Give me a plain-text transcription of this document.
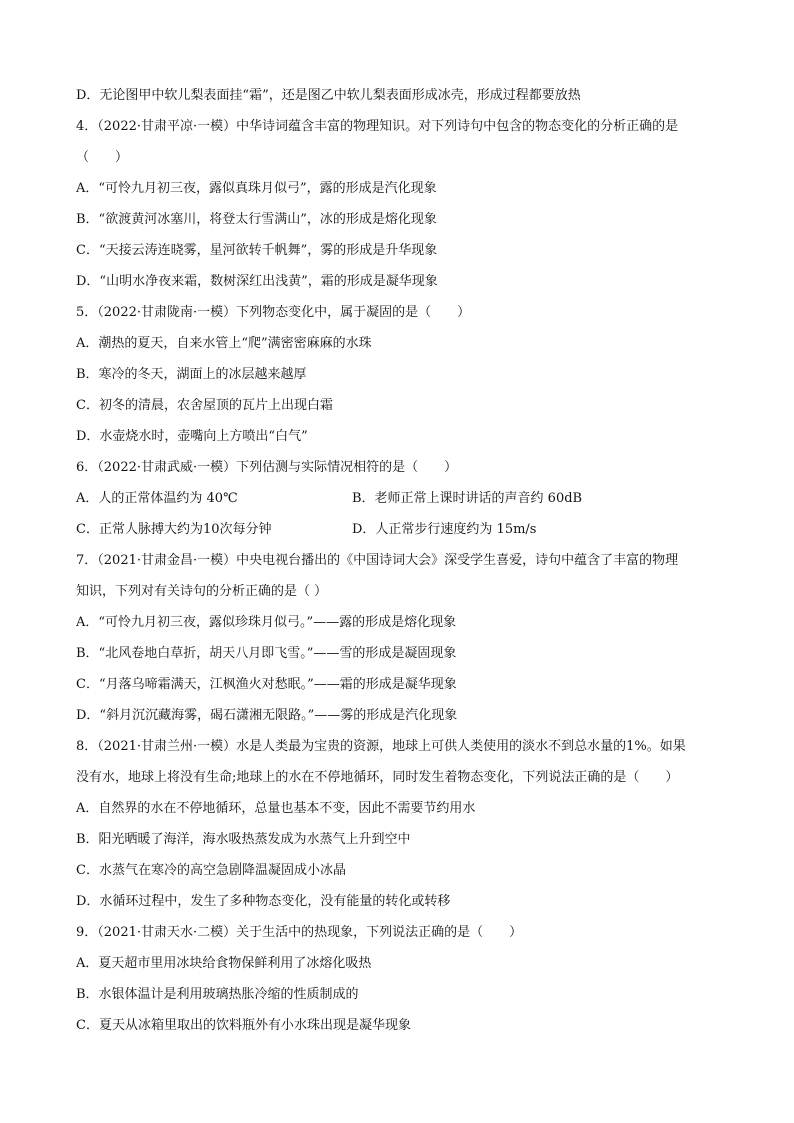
D．无论图甲中软儿梨表面挂“霜”，还是图乙中软儿梨表面形成冰壳，形成过程都要放热
4．（2022·甘肃平凉·一模）中华诗词蕴含丰富的物理知识。对下列诗句中包含的物态变化的分析正确的是
（　　）
A．“可怜九月初三夜，露似真珠月似弓”，露的形成是汽化现象
B．“欲渡黄河冰塞川，将登太行雪满山”，冰的形成是熔化现象
C．“天接云涛连晓雾，星河欲转千帆舞”，雾的形成是升华现象
D．“山明水净夜来霜，数树深红出浅黄”，霜的形成是凝华现象
5．（2022·甘肃陇南·一模）下列物态变化中，属于凝固的是（　　）
A．潮热的夏天，自来水管上“爬”满密密麻麻的水珠
B．寒冷的冬天，湖面上的冰层越来越厚
C．初冬的清晨，农舍屋顶的瓦片上出现白霜
D．水壶烧水时，壶嘴向上方喷出“白气”
6．（2022·甘肃武威·一模）下列估测与实际情况相符的是（　　）
A．人的正常体温约为 40℃	B．老师正常上课时讲话的声音约 60dB
C．正常人脉搏大约为10次每分钟	D．人正常步行速度约为 15m/s
7．（2021·甘肃金昌·一模）中央电视台播出的《中国诗词大会》深受学生喜爱，诗句中蕴含了丰富的物理
知识，下列对有关诗句的分析正确的是（ ）
A．“可怜九月初三夜，露似珍珠月似弓。”——露的形成是熔化现象
B．“北风卷地白草折，胡天八月即飞雪。”——雪的形成是凝固现象
C．“月落乌啼霜满天，江枫渔火对愁眠。”——霜的形成是凝华现象
D．“斜月沉沉藏海雾，碣石潇湘无限路。”——雾的形成是汽化现象
8．（2021·甘肃兰州·一模）水是人类最为宝贵的资源，地球上可供人类使用的淡水不到总水量的1%。如果
没有水，地球上将没有生命;地球上的水在不停地循环，同时发生着物态变化，下列说法正确的是（　　）
A．自然界的水在不停地循环，总量也基本不变，因此不需要节约用水
B．阳光晒暖了海洋，海水吸热蒸发成为水蒸气上升到空中
C．水蒸气在寒冷的高空急剧降温凝固成小冰晶
D．水循环过程中，发生了多种物态变化，没有能量的转化或转移
9．（2021·甘肃天水·二模）关于生活中的热现象，下列说法正确的是（　　）
A．夏天超市里用冰块给食物保鲜利用了冰熔化吸热
B．水银体温计是利用玻璃热胀冷缩的性质制成的
C．夏天从冰箱里取出的饮料瓶外有小水珠出现是凝华现象
